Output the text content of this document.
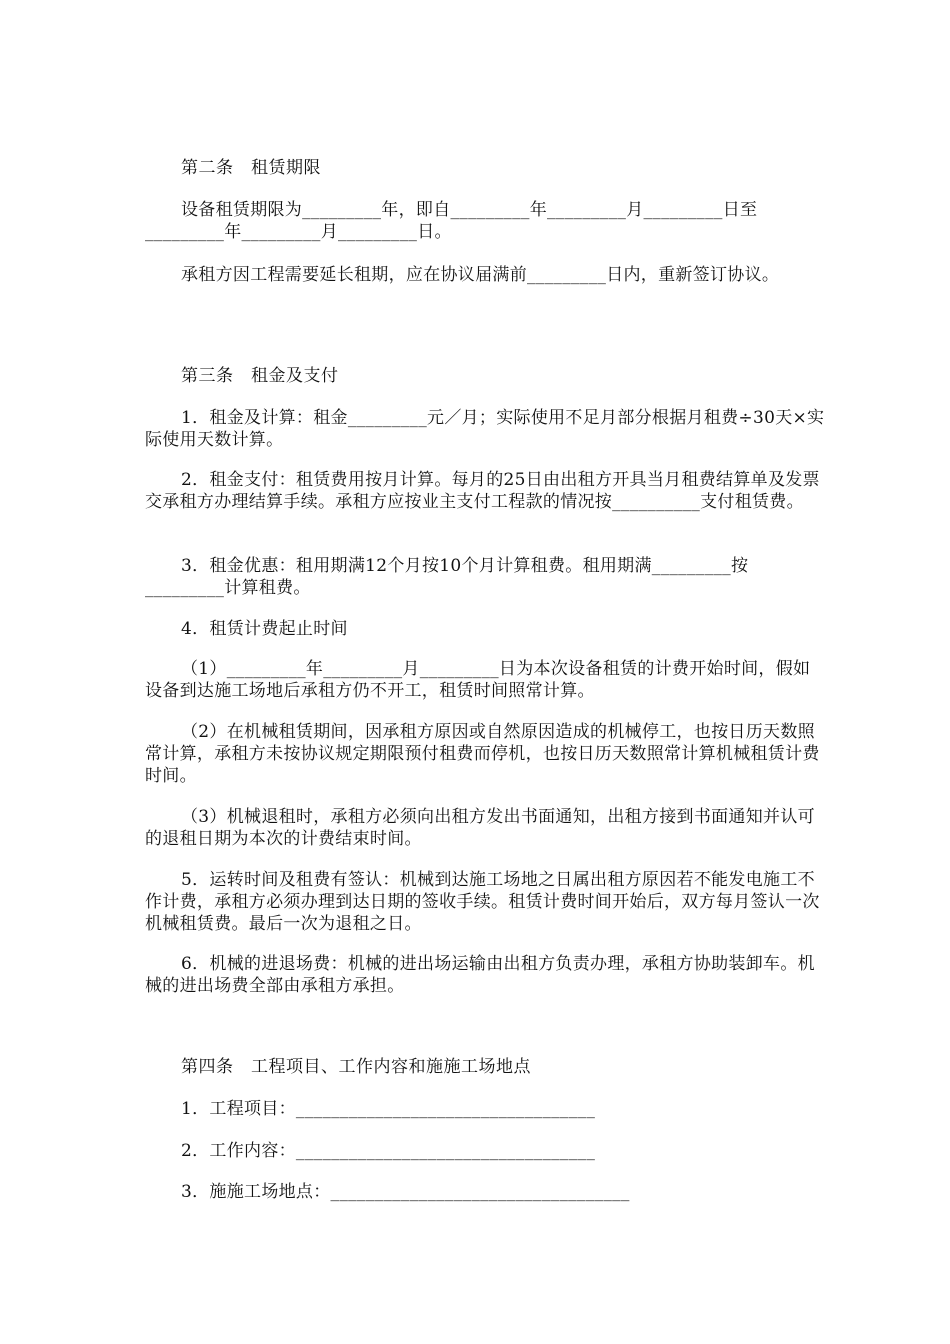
第二条　租赁期限

设备租赁期限为_________年，即自_________年_________月_________日至_________年_________月_________日。

承租方因工程需要延长租期，应在协议届满前_________日内，重新签订协议。

第三条　租金及支付

1．租金及计算：租金_________元／月；实际使用不足月部分根据月租费÷30天×实际使用天数计算。

2．租金支付：租赁费用按月计算。每月的25日由出租方开具当月租费结算单及发票交承租方办理结算手续。承租方应按业主支付工程款的情况按__________支付租赁费。

3．租金优惠：租用期满12个月按10个月计算租费。租用期满_________按_________计算租费。

4．租赁计费起止时间

（1）_________年_________月_________日为本次设备租赁的计费开始时间，假如设备到达施工场地后承租方仍不开工，租赁时间照常计算。

（2）在机械租赁期间，因承租方原因或自然原因造成的机械停工，也按日历天数照常计算，承租方未按协议规定期限预付租费而停机，也按日历天数照常计算机械租赁计费时间。

（3）机械退租时，承租方必须向出租方发出书面通知，出租方接到书面通知并认可的退租日期为本次的计费结束时间。

5．运转时间及租费有签认：机械到达施工场地之日属出租方原因若不能发电施工不作计费，承租方必须办理到达日期的签收手续。租赁计费时间开始后，双方每月签认一次机械租赁费。最后一次为退租之日。

6．机械的进退场费：机械的进出场运输由出租方负责办理，承租方协助装卸车。机械的进出场费全部由承租方承担。

第四条　工程项目、工作内容和施施工场地点

1．工程项目：__________________________________

2．工作内容：__________________________________

3．施施工场地点：__________________________________
